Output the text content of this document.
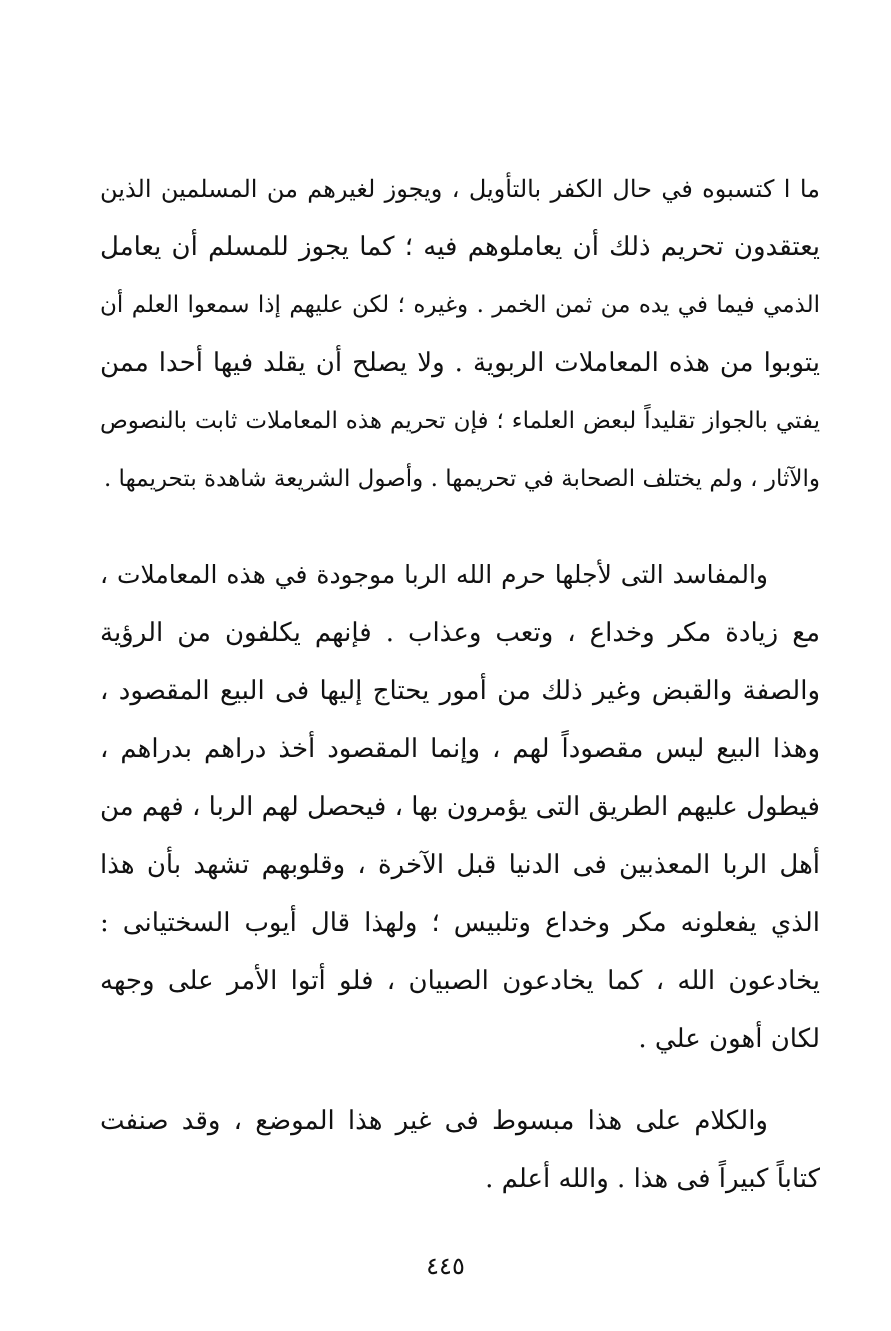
ما ا كتسبوه في حال الكفر بالتأويل ، ويجوز لغيرهم من المسلمين الذين
يعتقدون تحريم ذلك أن يعاملوهم فيه ؛ كما يجوز للمسلم أن يعامل
الذمي فيما في يده من ثمن الخمر . وغيره ؛ لكن عليهم إذا سمعوا العلم أن
يتوبوا من هذه المعاملات الربوية . ولا يصلح أن يقلد فيها أحدا ممن
يفتي بالجواز تقليداً لبعض العلماء ؛ فإن تحريم هذه المعاملات ثابت بالنصوص
والآثار ، ولم يختلف الصحابة في تحريمها . وأصول الشريعة شاهدة بتحريمها .
والمفاسد التى لأجلها حرم الله الربا موجودة في هذه المعاملات ،
مع زيادة مكر وخداع ، وتعب وعذاب . فإنهم يكلفون من الرؤية
والصفة والقبض وغير ذلك من أمور يحتاج إليها فى البيع المقصود ،
وهذا البيع ليس مقصوداً لهم ، وإنما المقصود أخذ دراهم بدراهم ،
فيطول عليهم الطريق التى يؤمرون بها ، فيحصل لهم الربا ، فهم من
أهل الربا المعذبين فى الدنيا قبل الآخرة ، وقلوبهم تشهد بأن هذا
الذي يفعلونه مكر وخداع وتلبيس ؛ ولهذا قال أيوب السختيانى :
يخادعون الله ، كما يخادعون الصبيان ، فلو أتوا الأمر على وجهه
لكان أهون علي .
والكلام على هذا مبسوط فى غير هذا الموضع ، وقد صنفت
كتاباً كبيراً فى هذا . والله أعلم .
٤٤٥
